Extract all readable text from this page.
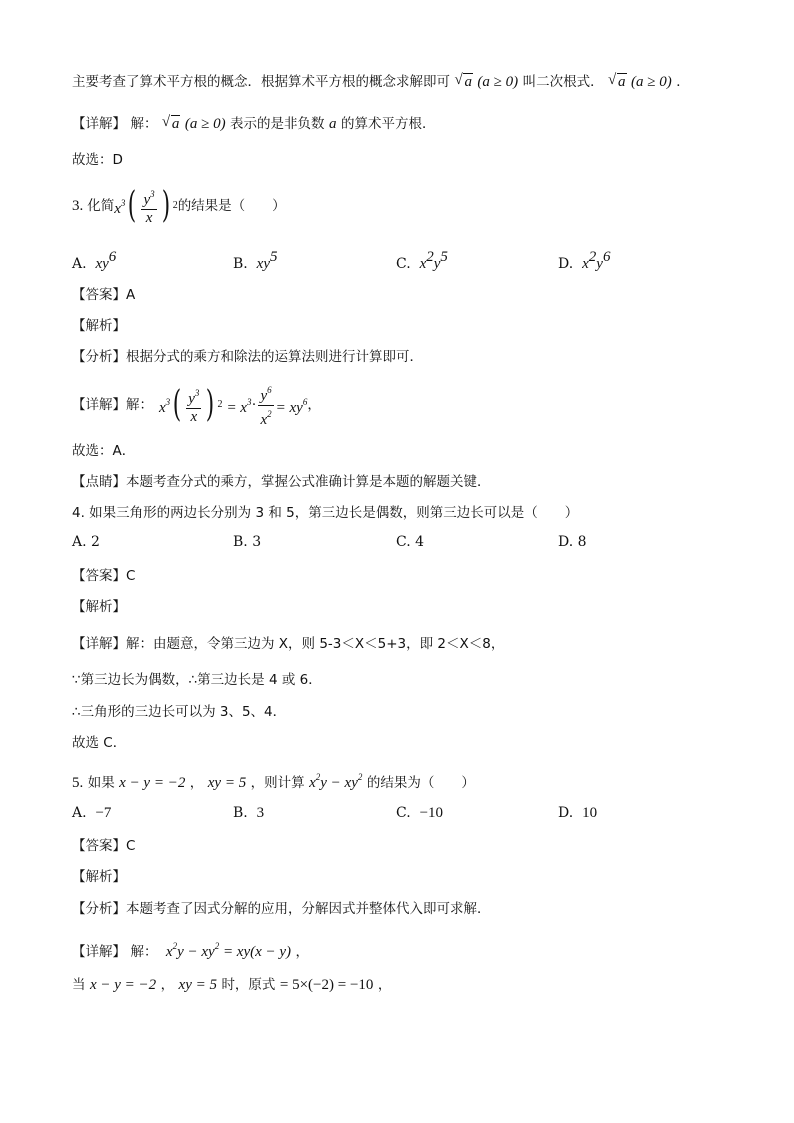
主要考查了算术平方根的概念．根据算术平方根的概念求解即可 √ a (a ≥ 0) 叫二次根式． √ a (a ≥ 0) ．
【详解】 解： √ a (a ≥ 0) 表示的是非负数 a 的算术平方根．
故选：D
3. 化简 $x^3$ ( $\frac{y^3}{x}$ ) 2 的结果是（　　）
A. $xy^6$	B. $xy^5$	C. $x^2y^5$	D. $x^2y^6$
【答案】A
【解析】
【分析】根据分式的乘方和除法的运算法则进行计算即可．
【详解】 解： $x^3$ ( $\frac{y^3}{x}$ ) $2 = x^3 \cdot \frac{y^6}{x^2} = xy^6$ ，
故选：A．
【点睛】本题考查分式的乘方，掌握公式准确计算是本题的解题关键．
4. 如果三角形的两边长分别为 3 和 5，第三边长是偶数，则第三边长可以是（　　）
A. 2	B. 3	C. 4	D. 8
【答案】C
【解析】
【详解】解：由题意，令第三边为 X，则 5-3＜X＜5+3，即 2＜X＜8，
∵第三边长为偶数，∴第三边长是 4 或 6．
∴三角形的三边长可以为 3、5、4．
故选 C．
5. 如果 x − y = −2 ， xy = 5 ，则计算 $x^2y - xy^2$ 的结果为（　　）
A. −7	B. 3	C. −10	D. 10
【答案】C
【解析】
【分析】本题考查了因式分解的应用，分解因式并整体代入即可求解．
【详解】 解： $x^2y - xy^2 = xy(x - y)$ ，
当 x − y = −2 ， xy = 5 时，原式 = 5×(−2) = −10 ，
